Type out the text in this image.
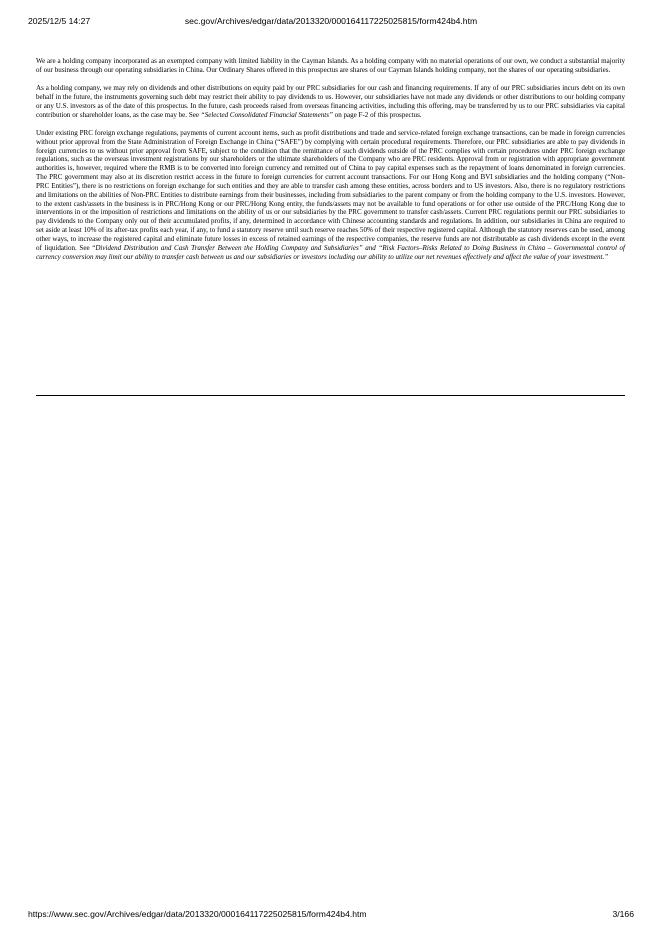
2025/12/5 14:27	sec.gov/Archives/edgar/data/2013320/000164117225025815/form424b4.htm

We are a holding company incorporated as an exempted company with limited liability in the Cayman Islands. As a holding company with no material operations of our own, we conduct a substantial majority of our business through our operating subsidiaries in China. Our Ordinary Shares offered in this prospectus are shares of our Cayman Islands holding company, not the shares of our operating subsidiaries.

As a holding company, we may rely on dividends and other distributions on equity paid by our PRC subsidiaries for our cash and financing requirements. If any of our PRC subsidiaries incurs debt on its own behalf in the future, the instruments governing such debt may restrict their ability to pay dividends to us. However, our subsidiaries have not made any dividends or other distributions to our holding company or any U.S. investors as of the date of this prospectus. In the future, cash proceeds raised from overseas financing activities, including this offering, may be transferred by us to our PRC subsidiaries via capital contribution or shareholder loans, as the case may be. See “Selected Consolidated Financial Statements” on page F-2 of this prospectus.

Under existing PRC foreign exchange regulations, payments of current account items, such as profit distributions and trade and service-related foreign exchange transactions, can be made in foreign currencies without prior approval from the State Administration of Foreign Exchange in China (“SAFE”) by complying with certain procedural requirements. Therefore, our PRC subsidiaries are able to pay dividends in foreign currencies to us without prior approval from SAFE, subject to the condition that the remittance of such dividends outside of the PRC complies with certain procedures under PRC foreign exchange regulations, such as the overseas investment registrations by our shareholders or the ultimate shareholders of the Company who are PRC residents. Approval from or registration with appropriate government authorities is, however, required where the RMB is to be converted into foreign currency and remitted out of China to pay capital expenses such as the repayment of loans denominated in foreign currencies. The PRC government may also at its discretion restrict access in the future to foreign currencies for current account transactions. For our Hong Kong and BVI subsidiaries and the holding company (“Non-PRC Entities”), there is no restrictions on foreign exchange for such entities and they are able to transfer cash among these entities, across borders and to US investors. Also, there is no regulatory restrictions and limitations on the abilities of Non-PRC Entities to distribute earnings from their businesses, including from subsidiaries to the parent company or from the holding company to the U.S. investors. However, to the extent cash/assets in the business is in PRC/Hong Kong or our PRC/Hong Kong entity, the funds/assets may not be available to fund operations or for other use outside of the PRC/Hong Kong due to interventions in or the imposition of restrictions and limitations on the ability of us or our subsidiaries by the PRC government to transfer cash/assets. Current PRC regulations permit our PRC subsidiaries to pay dividends to the Company only out of their accumulated profits, if any, determined in accordance with Chinese accounting standards and regulations. In addition, our subsidiaries in China are required to set aside at least 10% of its after-tax profits each year, if any, to fund a statutory reserve until such reserve reaches 50% of their respective registered capital. Although the statutory reserves can be used, among other ways, to increase the registered capital and eliminate future losses in excess of retained earnings of the respective companies, the reserve funds are not distributable as cash dividends except in the event of liquidation. See “Dividend Distribution and Cash Transfer Between the Holding Company and Subsidiaries” and “Risk Factors–Risks Related to Doing Business in China – Governmental control of currency conversion may limit our ability to transfer cash between us and our subsidiaries or investors including our ability to utilize our net revenues effectively and affect the value of your investment.”

https://www.sec.gov/Archives/edgar/data/2013320/000164117225025815/form424b4.htm	3/166
